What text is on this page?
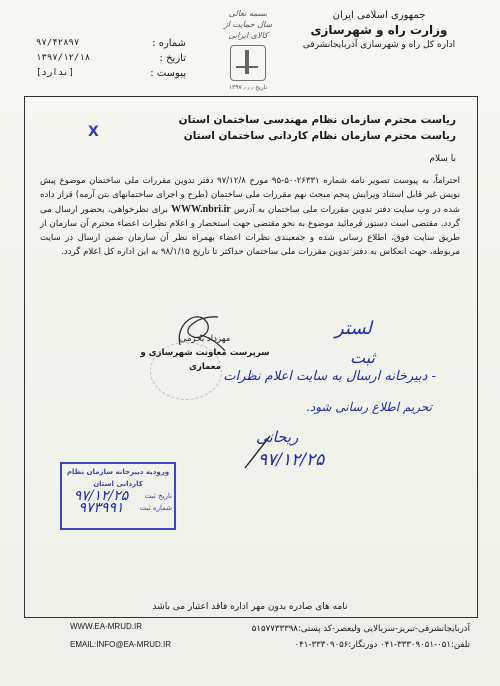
جمهوری اسلامی ایران
وزارت راه و شهرسازی
اداره کل راه و شهرسازی آذربایجانشرقی
بسمه تعالی
سال حمایت از کالای ایرانی
تاریخ ٫ ٫ ٫ ۱۳۹۷
شماره :
۹۷/۴۲۸۹۷
تاریخ :
۱۳۹۷/۱۲/۱۸
پیوست :
[ندارد]
ریاست محترم سازمان نظام مهندسی ساختمان استان
ریاست محترم سازمان نظام کاردانی ساختمان استان
X
با سلام
احتراماً، به پیوست تصویر نامه شماره ۲۶۳۳۱-۵۰-۹۵ مورخ ۹۷/۱۲/۸ دفتر تدوین مقررات ملی ساختمان موضوع پیش نویس غیر قابل استناد ویرایش پنجم مبحث نهم مقررات ملی ساختمان (طرح و اجرای ساختمانهای بتن آرمه) قرار داده شده در وب سایت دفتر تدوین مقررات ملی ساختمان به آدرس WWW.nbri.ir برای نظرخواهی، بحضور ارسال می گردد. مقتضی است دستور فرمائید موضوع به نحو مقتضی جهت استحضار و اعلام نظرات اعضاء محترم آن سازمان از طریق سایت فوق، اطلاع رسانی شده و جمعبندی نظرات اعضاء بهمراه نظر آن سازمان ضمن ارسال در سایت مربوطه، جهت انعکاس به دفتر تدوین مقررات ملی ساختمان حداکثر تا تاریخ ۹۸/۱/۱۵ به این اداره کل اعلام گردد.
مهرداد بخرمی
سرپرست معاونت شهرسازی و معماری
لستر
ثبت
- دبیرخانه ارسال به سایت اعلام نظرات
تحریم اطلاع رسانی شود.
ریحانی
۹۷/۱۲/۲۵
ورودیه دبیرخانه سازمان نظام کاردانی استان
تاریخ ثبت
۹۷/۱۲/۲۵
شماره ثبت
۹۷۳۹۹۱
نامه های صادره بدون مهر اداره فاقد اعتبار می باشد
آذربایجانشرقی-تبریز-سربالایی ولیعصر-کد پستی:۵۱۵۷۷۳۳۳۹۸
WWW.EA-MRUD.IR
تلفن:۰۵۱-۳۳۳۰۹۰۵۱-۰۴۱ دورنگار:۳۳۳۰۹۰۵۶-۰۴۱
EMAIL:INFO@EA-MRUD.IR
